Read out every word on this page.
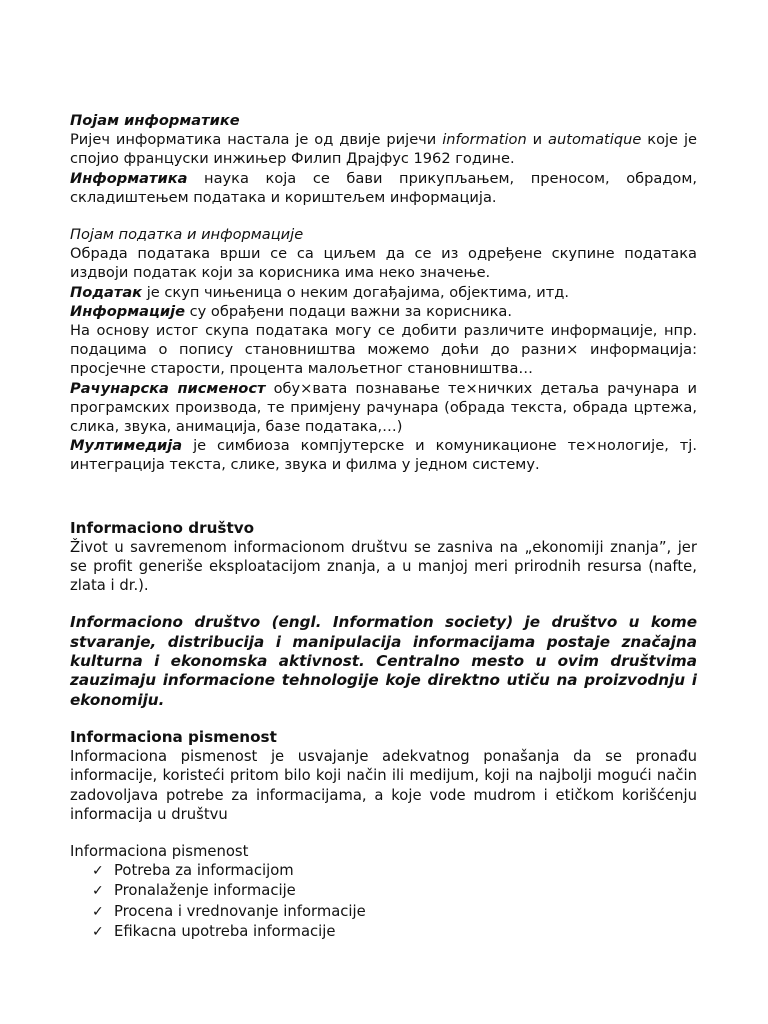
Појам информатике

Ријеч информатика настала је од двије ријечи information и automatique које је спојио француски инжињер Филип Драјфус 1962 године.

Информатика наука која се бави прикупљањем, преносом, обрадом, складиштењем података и кориштељем информација.

Појам податка и информације

Обрада података врши се са циљем да се из одређене скупине података издвоји податак који за корисника има неко значење.

Податак је скуп чињеница о неким догађајима, објектима, итд.

Информације су обрађени подаци важни за корисника.

На основу истог скупа података могу се добити различите информације, нпр. подацима о попису становништва можемо доћи до разни× информација: просјечне старости, процента малољетног становништва…

Рачунарска писменост обу×вата познавање те×ничких детаља рачунара и програмских производа, те примјену рачунара (обрада текста, обрада цртежа, слика, звука, анимација, базе података,…)

Мултимедија је симбиоза компјутерске и комуникационе те×нологије, тј. интеграција текста, слике, звука и филма у једном систему.

Informaciono društvo

Život u savremenom informacionom društvu se zasniva na „ekonomiji znanja”, jer se profit generiše eksploatacijom znanja, a u manjoj meri prirodnih resursa (nafte, zlata i dr.).

Informaciono društvo (engl. Information society) je društvo u kome stvaranje, distribucija i manipulacija informacijama postaje značajna kulturna i ekonomska aktivnost. Centralno mesto u ovim društvima zauzimaju informacione tehnologije koje direktno utiču na proizvodnju i ekonomiju.

Informaciona pismenost

Informaciona pismenost je usvajanje adekvatnog ponašanja da se pronađu informacije, koristeći pritom bilo koji način ili medijum, koji na najbolji mogući način zadovoljava potrebe za informacijama, a koje vode mudrom i etičkom korišćenju informacija u društvu

Informaciona pismenost

✓ Potreba za informacijom
✓ Pronalaženje informacije
✓ Procena i vrednovanje informacije
✓ Efikacna upotreba informacije
